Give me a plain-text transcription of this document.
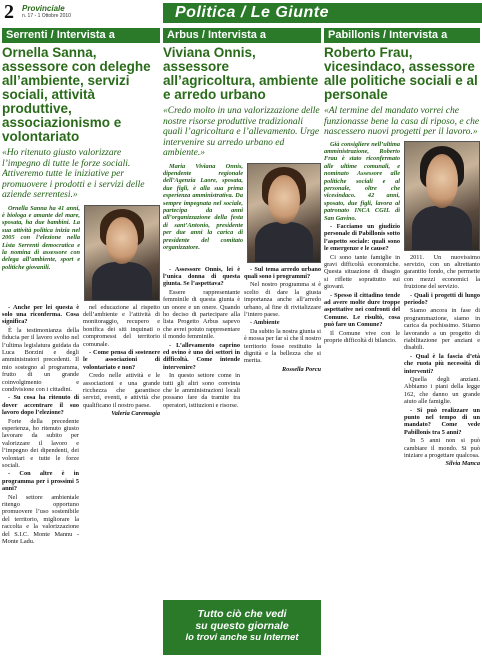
2 Provinciale
n. 17 - 1 Ottobre 2010	Politica / Le Giunte
Serrenti / Intervista a
Ornella Sanna, assessore con deleghe all’ambiente, servizi sociali, attività produttive, associazionismo e volontariato
«Ho ritenuto giusto valorizzare l’impegno di tutte le forze sociali. Attiveremo tutte le iniziative per promuovere i prodotti e i servizi delle aziende serrentesi.»

Ornella Sanna ha 41 anni, è biologa e amante del mare, sposata, ha due bambini. La sua attività politica inizia nel 2005 con l’elezione nella Lista Serrenti democratica e la nomina di assessore con delega all’ambiente, sport e politiche giovanili.

- Anche per lei questa è solo una riconferma. Cosa significa?

È la testimonianza della fiducia per il lavoro svolto nel l’ultima legislatura guidata da Luca Borzini e degli amministratori precedenti. Il mio sostegno al programma, frutto di un grande coinvolgimento e condivisione con i cittadini.

- Su cosa ha ritenuto di dover accentrare il suo lavoro dopo l’elezione?

Forte della precedente esperienza, ho ritenuto giusto lavorare da subito per valorizzare il lavoro e l’impegno dei dipendenti, dei volontari e tutte le forze sociali.

- Con altre è in programma per i prossimi 5 anni?

Nel settore ambientale ritengo opportuno promuovere l’uso sostenibile del territorio, migliorare la raccolta e la valorizzazione del S.I.C. Monte Mannu - Monte Ladu.

nel educazione al rispetto dell’ambiente e l’attività di monitoraggio, recupero e bonifica dei siti inquinati o compromessi del territorio comunale.

- Come pensa di sostenere le associazioni di volontariato e non?

Credo nelle attività e le associazioni e una grande ricchezza che garantisce servizi, eventi, e attività che qualificano il nostro paese.

Valeria Caremagia

Arbus / Intervista a
Viviana Onnis, assessore all’agricoltura, ambiente e arredo urbano
«Credo molto in una valorizzazione delle nostre risorse produttive tradizionali quali l’agricoltura e l’allevamento. Urge intervenire su arredo urbano ed ambiente.»

Maria Viviana Onnis, dipendente regionale dell’Agenzia Laore, sposata, due figli, è alla sua prima esperienza amministrativa. Da sempre impegnata nel sociale, partecipa da anni all’organizzazione della festa di sant’Antonio, presidente per due anni la carica di presidente del comitato organizzatore.

- Assessore Onnis, lei è l’unica donna di questa giunta. Se l’aspettava?

Essere rappresentante femminile di questa giunta è un onore e un onere. Quando ho deciso di partecipare alla lista Progetto Arbus sapevo che avrei potuto rappresentare il mondo femminile.

- L’allevamento caprino ed ovino è uno dei settori in difficoltà. Come intende intervenire?

In questo settore come in tutti gli altri sono convinta che le amministrazioni locali possano fare da tramite tra operatori, istituzioni e risorse.

- Sul tema arredo urbano quali sono i programmi?

Nel nostro programma si è scelto di dare la giusta importanza anche all’arredo urbano, al fine di rivitalizzare l’intero paese.

- Ambiente

Da subito la nostra giunta si è mossa per far sì che il nostro territorio fosse restituito la dignità e la bellezza che si merita.

Rossella Porcu

Pabillonis / Intervista a
Roberto Frau, vicesindaco, assessore alle politiche sociali e al personale
«Al termine del mandato vorrei che funzionasse bene la casa di riposo, e che nascessero nuovi progetti per il lavoro.»

Già consigliere nell’ultima amministrazione, Roberto Frau è stato riconfermato alle ultime comunali, e nominato Assessore alle politiche sociali e al personale, oltre che vicesindaco. 42 anni, sposato, due figli, lavora al patronato INCA CGIL di San Gavino.

- Facciamo un giudizio personale di Pabillonis sotto l’aspetto sociale: quali sono le emergenze e le cause?

Ci sono tante famiglie in gravi difficoltà economiche. Questa situazione di disagio si riflette soprattutto sui giovani.

- Spesso il cittadino tende ad avere molte dure troppe aspettative nei confronti del Comune. Le risultò, cosa può fare un Comune?

Il Comune vive con le proprie difficoltà di bilancio.

2011. Un nuovissimo servizio, con un altrettanto garantito fondo, che permette con mezzi economici la fruizione del servizio.

- Quali i progetti di lungo periodo?

Siamo ancora in fase di programmazione, siamo in carica da pochissimo. Stiamo lavorando a un progetto di riabilitazione per anziani e disabili.

- Qual è la fascia d’età che ruota più necessità di interventi?

Quella degli anziani. Abbiamo i piani della legge 162, che danno un grande aiuto alle famiglie.

- Si può realizzare un punto nel tempo di un mandato? Come vede Pabillonis tra 5 anni?

In 5 anni non si può cambiare il mondo. Si può iniziare a progettare qualcosa.

Silvia Manca

Tutto ciò che vedi
su questo giornale
lo trovi anche su Internet
